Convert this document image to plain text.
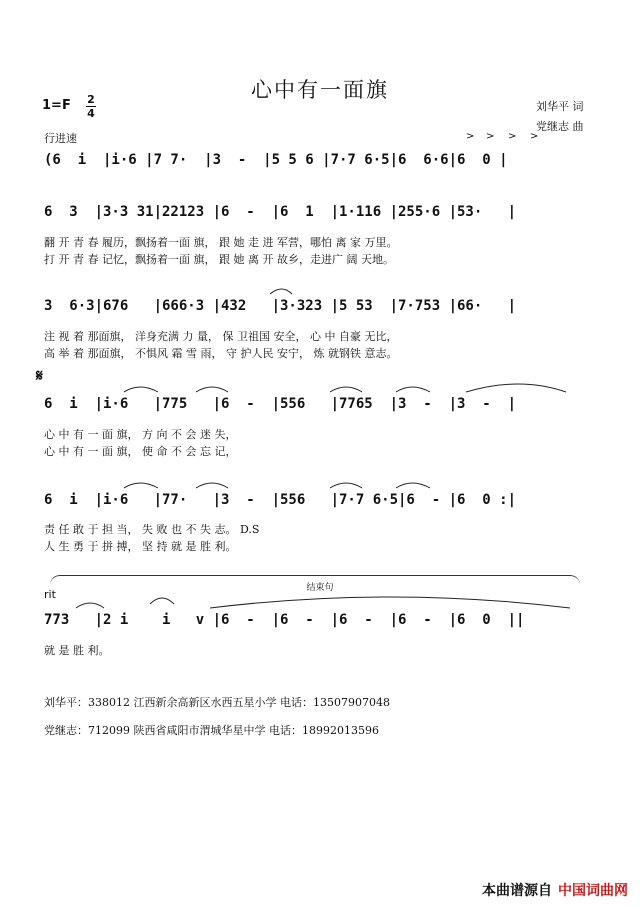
心中有一面旗
刘华平 词
党继志 曲
1=F 2
4
行进速	> > > >
(6  i  |i·6 |7 7·  |3  -  |5 5 6 |7·7 6·5|6  6·6|6  0 |
6  3  |3·3 31|22123 |6  -  |6  1  |1·116 |255·6 |53·   |
翻 开 青 春 履历，飘扬着一面 旗， 跟 她 走 进 军营，哪怕 离 家 万里。
打 开 青 春 记忆，飘扬着一面 旗， 跟 她 离 开 故乡，走进广 阔 天地。
3  6·3|676   |666·3 |432   |3·323 |5 53  |7·753 |66·   |
注 视 着 那面旗， 洋身充满 力 量， 保 卫祖国 安全， 心 中 自豪 无比，
高 举 着 那面旗， 不惧风 霜 雪 雨， 守 护人民 安宁， 炼 就钢铁 意志。
𝄋
6  i  |i·6   |775   |6  -  |556   |7765  |3  -  |3  -  |
心 中 有 一 面 旗， 方 向 不 会 迷 失，
心 中 有 一 面 旗， 使 命 不 会 忘 记，
6  i  |i·6   |77·   |3  -  |556   |7·7 6·5|6  - |6  0 :|
责 任 敢 于 担 当， 失 败 也 不 失 志。 D.S
人 生 勇 于 拼 搏， 坚 持 就 是 胜 利。
结束句
rit
773   |2 i    i   v |6  -  |6  -  |6  -  |6  -  |6  0  ||
就 是 胜 利。
刘华平：338012 江西新余高新区水西五星小学 电话：13507907048
党继志：712099 陕西省咸阳市渭城华星中学 电话：18992013596
本曲谱源自 中国词曲网
